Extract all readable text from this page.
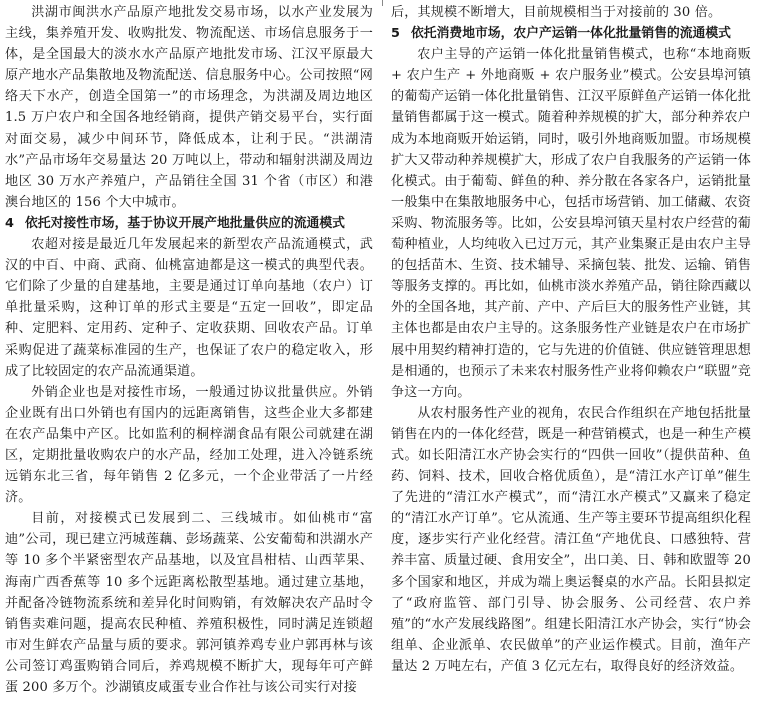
洪湖市闽洪水产品原产地批发交易市场，以水产业发展为主线，集养殖开发、收购批发、物流配送、市场信息服务于一体，是全国最大的淡水水产品原产地批发市场、江汉平原最大原产地水产品集散地及物流配送、信息服务中心。公司按照“网络天下水产，创造全国第一”的市场理念，为洪湖及周边地区 1.5 万户农户和全国各地经销商，提供产销交易平台，实行面对面交易，减少中间环节，降低成本，让利于民。“洪湖清水”产品市场年交易量达 20 万吨以上，带动和辐射洪湖及周边地区 30 万水产养殖户，产品销往全国 31 个省（市区）和港澳台地区的 156 个大中城市。

4 依托对接性市场，基于协议开展产地批量供应的流通模式

农超对接是最近几年发展起来的新型农产品流通模式，武汉的中百、中商、武商、仙桃富迪都是这一模式的典型代表。它们除了少量的自建基地，主要是通过订单向基地（农户）订单批量采购，这种订单的形式主要是“五定一回收”，即定品种、定肥料、定用药、定种子、定收获期、回收农产品。订单采购促进了蔬菜标准园的生产，也保证了农户的稳定收入，形成了比较固定的农产品流通渠道。

外销企业也是对接性市场，一般通过协议批量供应。外销企业既有出口外销也有国内的远距离销售，这些企业大多都建在农产品集中产区。比如监利的桐梓湖食品有限公司就建在湖区，定期批量收购农户的水产品，经加工处理，进入冷链系统远销东北三省，每年销售 2 亿多元，一个企业带活了一片经济。

目前，对接模式已发展到二、三线城市。如仙桃市“富迪”公司，现已建立沔城莲藕、彭场蔬菜、公安葡萄和洪湖水产等 10 多个半紧密型农产品基地，以及宜昌柑桔、山西苹果、海南广西香蕉等 10 多个远距离松散型基地。通过建立基地，并配备冷链物流系统和差异化时间购销，有效解决农产品时令销售卖难问题，提高农民种植、养殖积极性，同时满足连锁超市对生鲜农产品量与质的要求。郭河镇养鸡专业户郭再林与该公司签订鸡蛋购销合同后，养鸡规模不断扩大，现每年可产鲜蛋 200 多万个。沙湖镇皮咸蛋专业合作社与该公司实行对接

后，其规模不断增大，目前规模相当于对接前的 30 倍。

5 依托消费地市场，农户产运销一体化批量销售的流通模式

农户主导的产运销一体化批量销售模式，也称“本地商贩 + 农户生产 + 外地商贩 + 农户服务业”模式。公安县埠河镇的葡萄产运销一体化批量销售、江汉平原鲜鱼产运销一体化批量销售都属于这一模式。随着种养规模的扩大，部分种养农户成为本地商贩开始运销，同时，吸引外地商贩加盟。市场规模扩大又带动种养规模扩大，形成了农户自我服务的产运销一体化模式。由于葡萄、鲜鱼的种、养分散在各家各户，运销批量一般集中在集散地服务中心，包括市场营销、加工储藏、农资采购、物流服务等。比如，公安县埠河镇天星村农户经营的葡萄种植业，人均纯收入已过万元，其产业集聚正是由农户主导的包括苗木、生资、技术辅导、采摘包装、批发、运输、销售等服务支撑的。再比如，仙桃市淡水养殖产品，销往除西藏以外的全国各地，其产前、产中、产后巨大的服务性产业链，其主体也都是由农户主导的。这条服务性产业链是农户在市场扩展中用契约精神打造的，它与先进的价值链、供应链管理思想是相通的，也预示了未来农村服务性产业将仰赖农户“联盟”竞争这一方向。

从农村服务性产业的视角，农民合作组织在产地包括批量销售在内的一体化经营，既是一种营销模式，也是一种生产模式。如长阳清江水产协会实行的“四供一回收”（提供苗种、鱼药、饲料、技术，回收合格优质鱼），是“清江水产订单”催生了先进的“清江水产模式”，而“清江水产模式”又赢来了稳定的“清江水产订单”。它从流通、生产等主要环节提高组织化程度，逐步实行产业化经营。清江鱼“产地优良、口感独特、营养丰富、质量过硬、食用安全”，出口美、日、韩和欧盟等 20 多个国家和地区，并成为端上奥运餐桌的水产品。长阳县拟定了“政府监管、部门引导、协会服务、公司经营、农户养殖”的“水产发展线路图”。组建长阳清江水产协会，实行“协会组单、企业派单、农民做单”的产业运作模式。目前，渔年产量达 2 万吨左右，产值 3 亿元左右，取得良好的经济效益。
